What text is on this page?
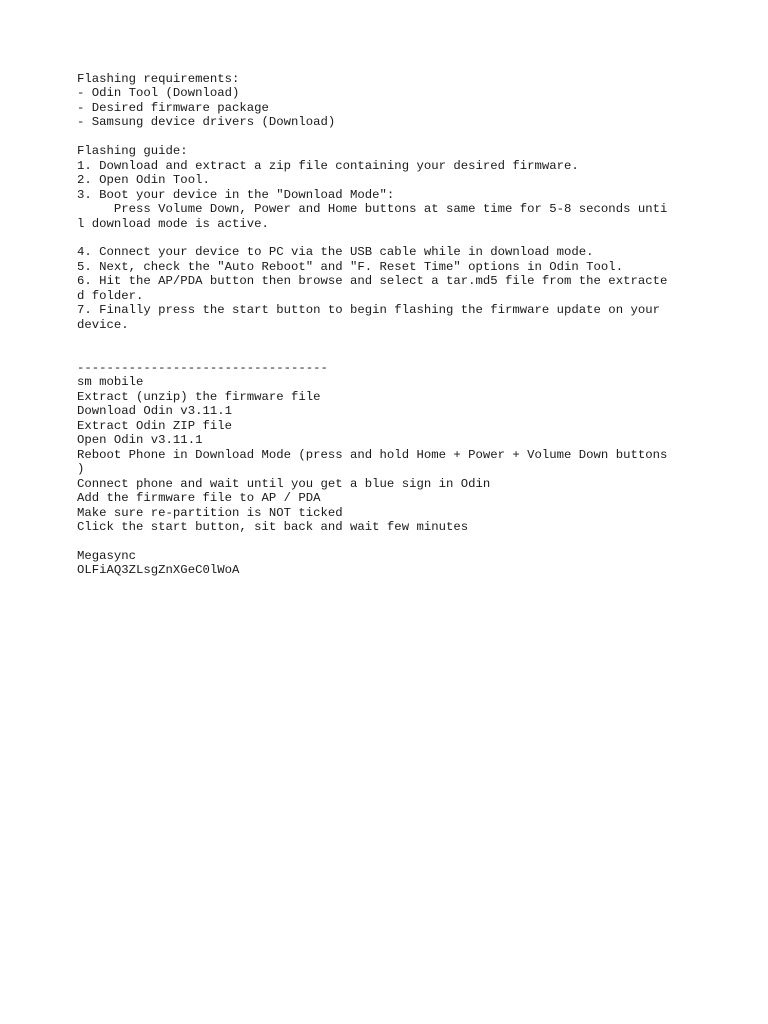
Flashing requirements:
- Odin Tool (Download)
- Desired firmware package
- Samsung device drivers (Download)
Flashing guide:
1. Download and extract a zip file containing your desired firmware.
2. Open Odin Tool.
3. Boot your device in the "Download Mode":
Press Volume Down, Power and Home buttons at same time for 5-8 seconds unti
l download mode is active.
4. Connect your device to PC via the USB cable while in download mode.
5. Next, check the "Auto Reboot" and "F. Reset Time" options in Odin Tool.
6. Hit the AP/PDA button then browse and select a tar.md5 file from the extracte
d folder.
7. Finally press the start button to begin flashing the firmware update on your
device.
----------------------------------
sm mobile
Extract (unzip) the firmware file
Download Odin v3.11.1
Extract Odin ZIP file
Open Odin v3.11.1
Reboot Phone in Download Mode (press and hold Home + Power + Volume Down buttons
)
Connect phone and wait until you get a blue sign in Odin
Add the firmware file to AP / PDA
Make sure re-partition is NOT ticked
Click the start button, sit back and wait few minutes
Megasync
OLFiAQ3ZLsgZnXGeC0lWoA
